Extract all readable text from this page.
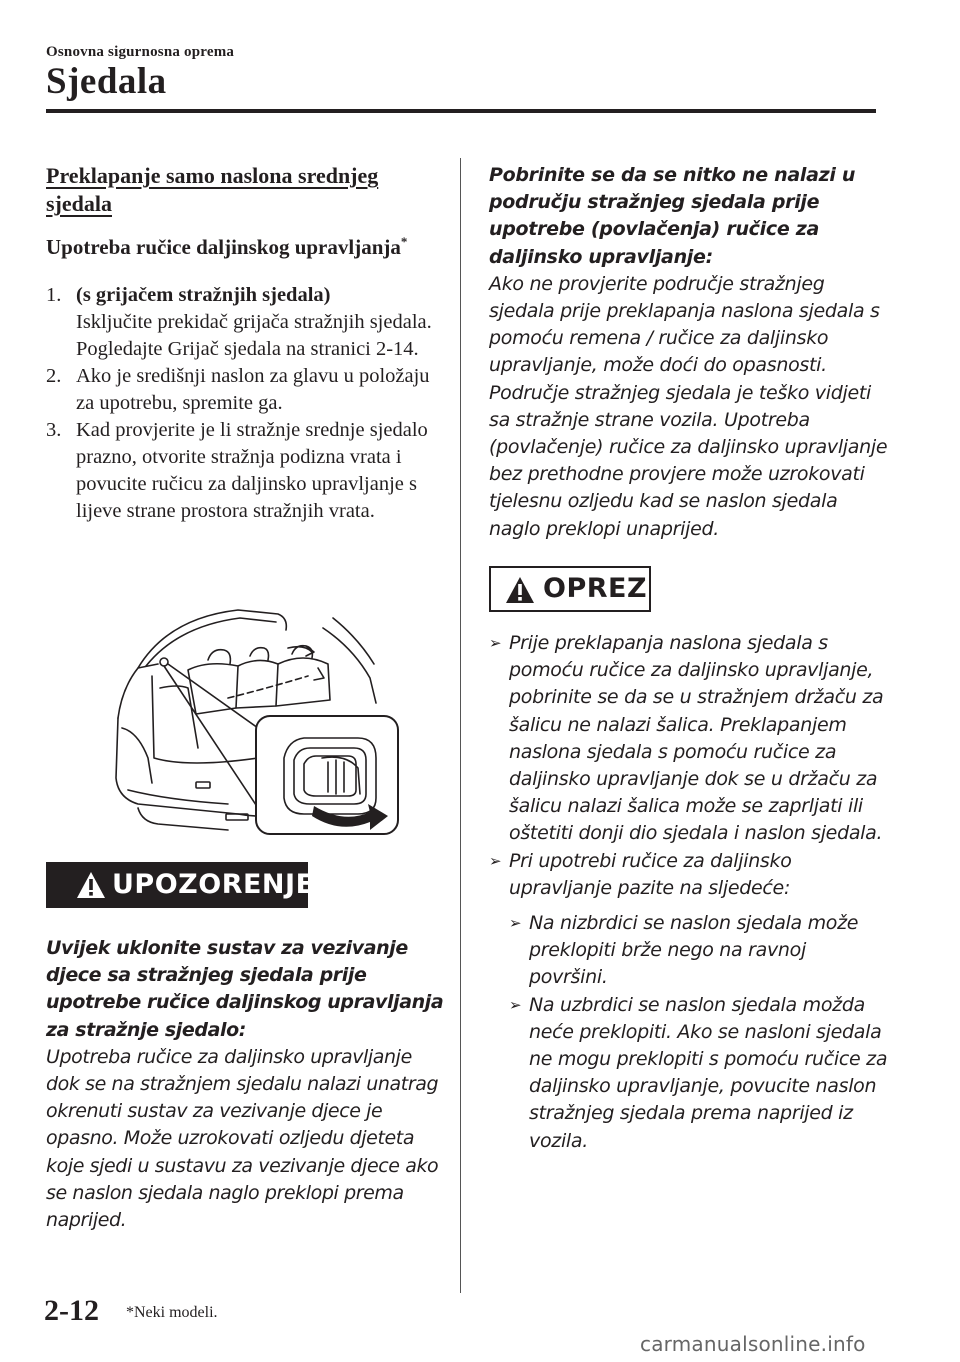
Osnovna sigurnosna oprema
Sjedala
Preklapanje samo naslona srednjeg sjedala
Upotreba ručice daljinskog upravljanja*
1. (s grijačem stražnjih sjedala)
Isključite prekidač grijača stražnjih sjedala.
Pogledajte Grijač sjedala na stranici 2-14.
2. Ako je središnji naslon za glavu u položaju za upotrebu, spremite ga.
3. Kad provjerite je li stražnje srednje sjedalo prazno, otvorite stražnja podizna vrata i povucite ručicu za daljinsko upravljanje s lijeve strane prostora stražnjih vrata.
UPOZORENJE
Uvijek uklonite sustav za vezivanje djece sa stražnjeg sjedala prije upotrebe ručice daljinskog upravljanja za stražnje sjedalo:
Upotreba ručice za daljinsko upravljanje dok se na stražnjem sjedalu nalazi unatrag okrenuti sustav za vezivanje djece je opasno. Može uzrokovati ozljedu djeteta koje sjedi u sustavu za vezivanje djece ako se naslon sjedala naglo preklopi prema naprijed.
Pobrinite se da se nitko ne nalazi u području stražnjeg sjedala prije upotrebe (povlačenja) ručice za daljinsko upravljanje:
Ako ne provjerite područje stražnjeg sjedala prije preklapanja naslona sjedala s pomoću remena / ručice za daljinsko upravljanje, može doći do opasnosti. Područje stražnjeg sjedala je teško vidjeti sa stražnje strane vozila. Upotreba (povlačenje) ručice za daljinsko upravljanje bez prethodne provjere može uzrokovati tjelesnu ozljedu kad se naslon sjedala naglo preklopi unaprijed.
OPREZ
➢ Prije preklapanja naslona sjedala s pomoću ručice za daljinsko upravljanje, pobrinite se da se u stražnjem držaču za šalicu ne nalazi šalica. Preklapanjem naslona sjedala s pomoću ručice za daljinsko upravljanje dok se u držaču za šalicu nalazi šalica može se zaprljati ili oštetiti donji dio sjedala i naslon sjedala.
➢ Pri upotrebi ručice za daljinsko upravljanje pazite na sljedeće:
➢ Na nizbrdici se naslon sjedala može preklopiti brže nego na ravnoj površini.
➢ Na uzbrdici se naslon sjedala možda neće preklopiti. Ako se nasloni sjedala ne mogu preklopiti s pomoću ručice za daljinsko upravljanje, povucite naslon stražnjeg sjedala prema naprijed iz vozila.
2-12 *Neki modeli.
carmanualsonline.info
